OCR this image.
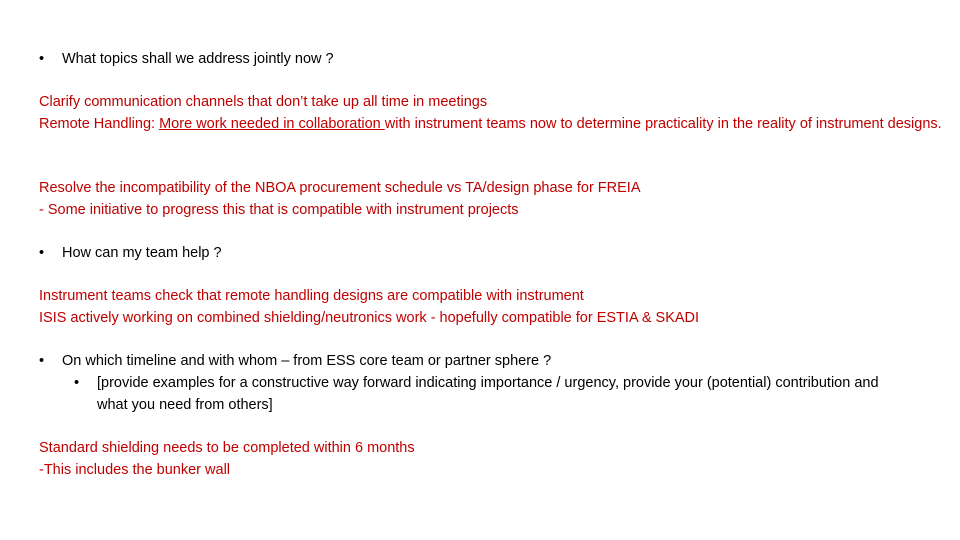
• What topics shall we address jointly now ?

Clarify communication channels that don’t take up all time in meetings

Remote Handling: More work needed in collaboration with instrument teams now to determine practicality in the reality of instrument designs.

Resolve the incompatibility of the NBOA procurement schedule vs TA/design phase for FREIA

- Some initiative to progress this that is compatible with instrument projects

• How can my team help ?

Instrument teams check that remote handling designs are compatible with instrument

ISIS actively working on combined shielding/neutronics work - hopefully compatible for ESTIA & SKADI

• On which timeline and with whom – from ESS core team or partner sphere ?
• [provide examples for a constructive way forward indicating importance / urgency, provide your (potential) contribution and what you need from others]

Standard shielding needs to be completed within 6 months

-This includes the bunker wall
